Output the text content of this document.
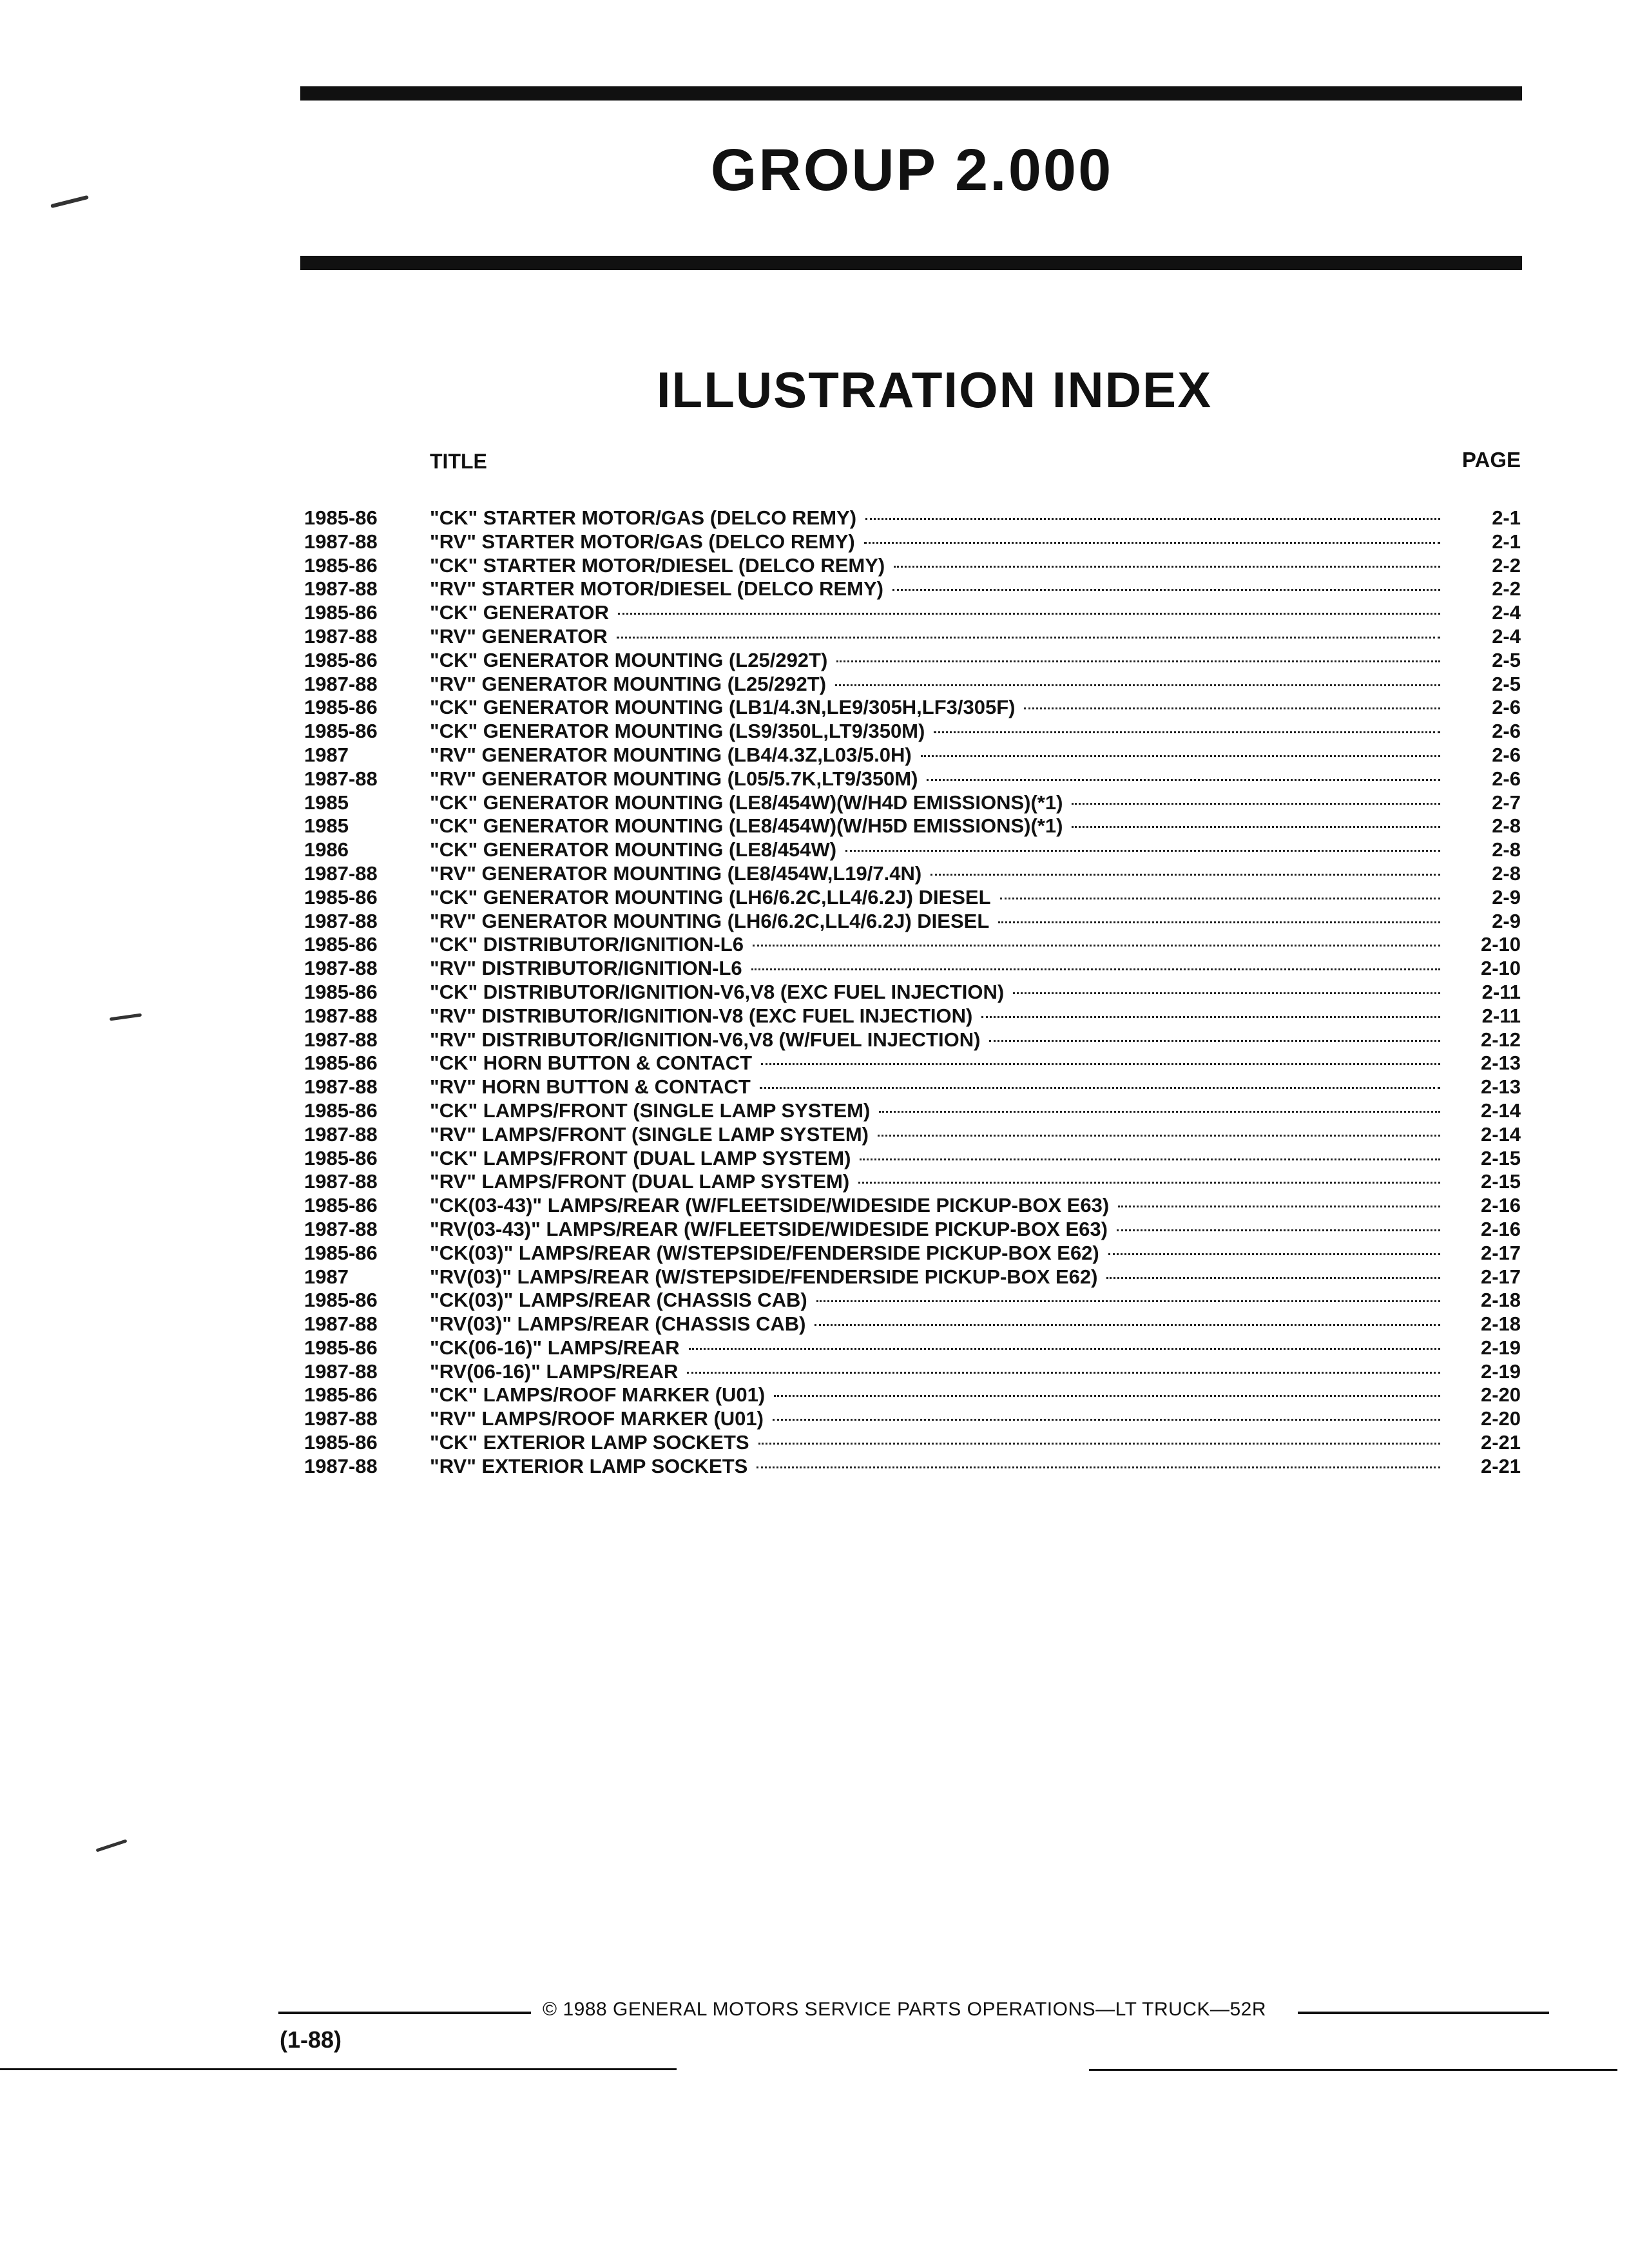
GROUP 2.000
ILLUSTRATION INDEX
TITLE	PAGE
1985-86	"CK" STARTER MOTOR/GAS (DELCO REMY)	2-1
1987-88	"RV" STARTER MOTOR/GAS (DELCO REMY)	2-1
1985-86	"CK" STARTER MOTOR/DIESEL (DELCO REMY)	2-2
1987-88	"RV" STARTER MOTOR/DIESEL (DELCO REMY)	2-2
1985-86	"CK" GENERATOR	2-4
1987-88	"RV" GENERATOR	2-4
1985-86	"CK" GENERATOR MOUNTING (L25/292T)	2-5
1987-88	"RV" GENERATOR MOUNTING (L25/292T)	2-5
1985-86	"CK" GENERATOR MOUNTING (LB1/4.3N,LE9/305H,LF3/305F)	2-6
1985-86	"CK" GENERATOR MOUNTING (LS9/350L,LT9/350M)	2-6
1987	"RV" GENERATOR MOUNTING (LB4/4.3Z,L03/5.0H)	2-6
1987-88	"RV" GENERATOR MOUNTING (L05/5.7K,LT9/350M)	2-6
1985	"CK" GENERATOR MOUNTING (LE8/454W)(W/H4D EMISSIONS)(*1)	2-7
1985	"CK" GENERATOR MOUNTING (LE8/454W)(W/H5D EMISSIONS)(*1)	2-8
1986	"CK" GENERATOR MOUNTING (LE8/454W)	2-8
1987-88	"RV" GENERATOR MOUNTING (LE8/454W,L19/7.4N)	2-8
1985-86	"CK" GENERATOR MOUNTING (LH6/6.2C,LL4/6.2J) DIESEL	2-9
1987-88	"RV" GENERATOR MOUNTING (LH6/6.2C,LL4/6.2J) DIESEL	2-9
1985-86	"CK" DISTRIBUTOR/IGNITION-L6	2-10
1987-88	"RV" DISTRIBUTOR/IGNITION-L6	2-10
1985-86	"CK" DISTRIBUTOR/IGNITION-V6,V8 (EXC FUEL INJECTION)	2-11
1987-88	"RV" DISTRIBUTOR/IGNITION-V8 (EXC FUEL INJECTION)	2-11
1987-88	"RV" DISTRIBUTOR/IGNITION-V6,V8 (W/FUEL INJECTION)	2-12
1985-86	"CK" HORN BUTTON & CONTACT	2-13
1987-88	"RV" HORN BUTTON & CONTACT	2-13
1985-86	"CK" LAMPS/FRONT (SINGLE LAMP SYSTEM)	2-14
1987-88	"RV" LAMPS/FRONT (SINGLE LAMP SYSTEM)	2-14
1985-86	"CK" LAMPS/FRONT (DUAL LAMP SYSTEM)	2-15
1987-88	"RV" LAMPS/FRONT (DUAL LAMP SYSTEM)	2-15
1985-86	"CK(03-43)" LAMPS/REAR (W/FLEETSIDE/WIDESIDE PICKUP-BOX E63)	2-16
1987-88	"RV(03-43)" LAMPS/REAR (W/FLEETSIDE/WIDESIDE PICKUP-BOX E63)	2-16
1985-86	"CK(03)" LAMPS/REAR (W/STEPSIDE/FENDERSIDE PICKUP-BOX E62)	2-17
1987	"RV(03)" LAMPS/REAR (W/STEPSIDE/FENDERSIDE PICKUP-BOX E62)	2-17
1985-86	"CK(03)" LAMPS/REAR (CHASSIS CAB)	2-18
1987-88	"RV(03)" LAMPS/REAR (CHASSIS CAB)	2-18
1985-86	"CK(06-16)" LAMPS/REAR	2-19
1987-88	"RV(06-16)" LAMPS/REAR	2-19
1985-86	"CK" LAMPS/ROOF MARKER (U01)	2-20
1987-88	"RV" LAMPS/ROOF MARKER (U01)	2-20
1985-86	"CK" EXTERIOR LAMP SOCKETS	2-21
1987-88	"RV" EXTERIOR LAMP SOCKETS	2-21
© 1988 GENERAL MOTORS SERVICE PARTS OPERATIONS—LT TRUCK—52R
(1-88)
